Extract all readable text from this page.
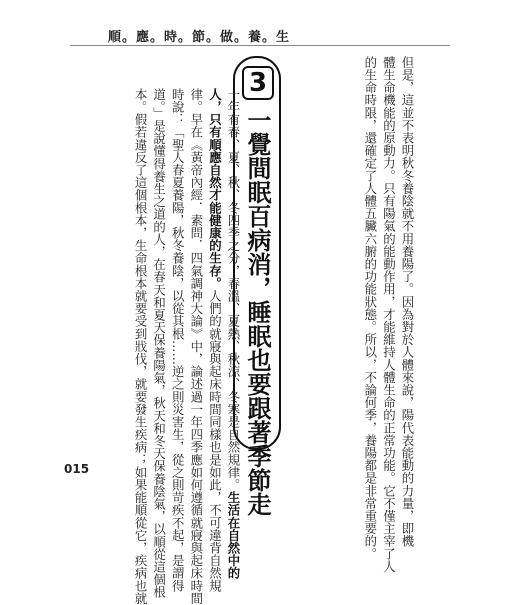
順。應。時。節。做。養。生
但是，這並不表明秋冬養陰就不用養陽了。因為對於人體來說，陽代表能動的力量，即機
體生命機能的原動力。只有陽氣的能動作用，才能維持人體生命的正常功能。它不僅主宰了人
的生命時限，還確定了人體五臟六腑的功能狀態。所以，不論何季，養陽都是非常重要的。
3
一覺間眠百病消，睡眠也要跟著季節走
一年有春、夏、秋、冬四季之分，春溫、夏熱、秋涼、冬寒是自然規律。生活在自然中的
人，只有順應自然才能健康的生存。人們的就寢與起床時間同樣也是如此，不可違背自然規
律。早在《黃帝內經．素問．四氣調神大論》中，論述過一年四季應如何遵循就寢與起床時間
時說：「聖人春夏養陽，秋冬養陰，以從其根……逆之則災害生，從之則苛疾不起，是謂得
道。」是說懂得養生之道的人，在春天和夏天保養陽氣，秋天和冬天保養陰氣，以順從這個根
本。假若違反了這個根本，生命根本就要受到戕伐，就要發生疾病；如果能順從它，疾病也就
015
